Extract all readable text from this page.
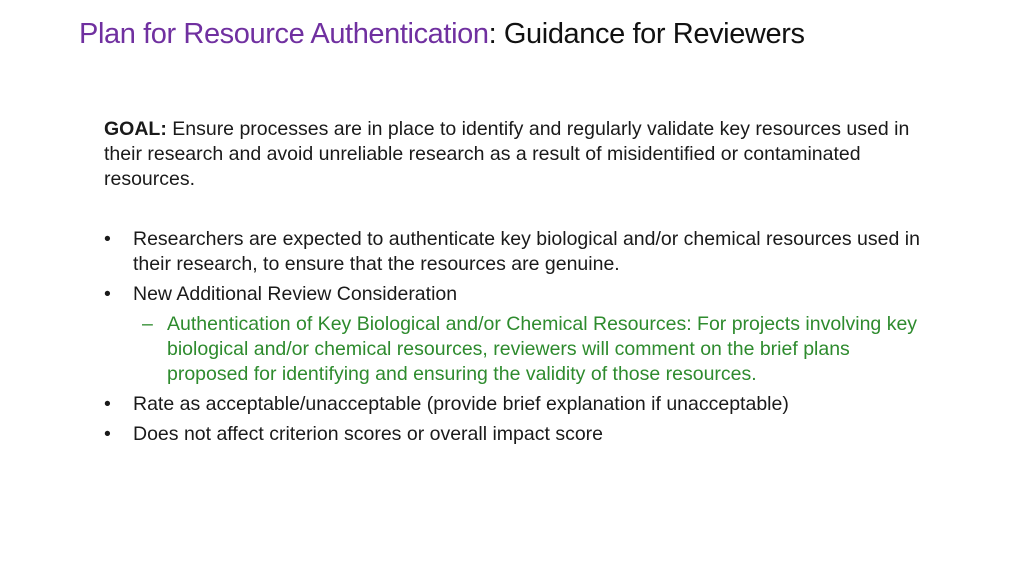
Plan for Resource Authentication: Guidance for Reviewers

GOAL: Ensure processes are in place to identify and regularly validate key resources used in their research and avoid unreliable research as a result of misidentified or contaminated resources.

•	Researchers are expected to authenticate key biological and/or chemical resources used in their research, to ensure that the resources are genuine.
•	New Additional Review Consideration
– Authentication of Key Biological and/or Chemical Resources: For projects involving key biological and/or chemical resources, reviewers will comment on the brief plans proposed for identifying and ensuring the validity of those resources.
•	Rate as acceptable/unacceptable (provide brief explanation if unacceptable)
•	Does not affect criterion scores or overall impact score
